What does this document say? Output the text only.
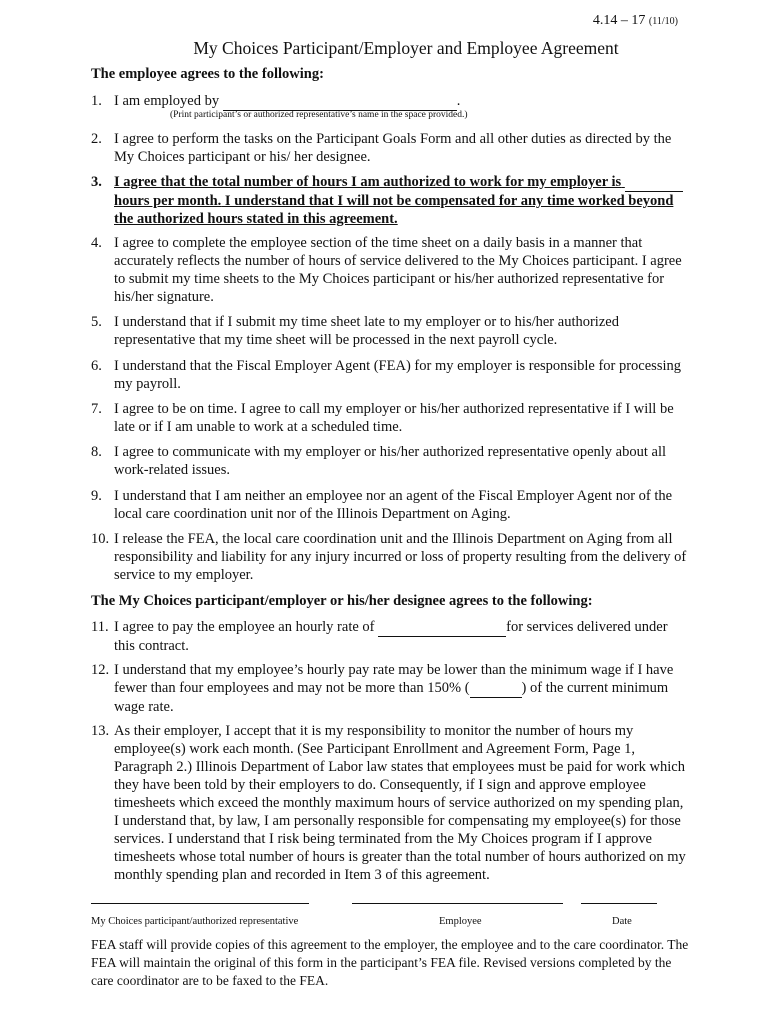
4.14 – 17 (11/10)
My Choices Participant/Employer and Employee Agreement
The employee agrees to the following:
1. I am employed by	.
(Print participant’s or authorized representative’s name in the space provided.)
2. I agree to perform the tasks on the Participant Goals Form and all other duties as directed by the My Choices participant or his/ her designee.
3. I agree that the total number of hours I am authorized to work for my employer is   hours per month. I understand that I will not be compensated for any time worked beyond the authorized hours stated in this agreement.
4. I agree to complete the employee section of the time sheet on a daily basis in a manner that accurately reflects the number of hours of service delivered to the My Choices participant. I agree to submit my time sheets to the My Choices participant or his/her authorized representative for his/her signature.
5. I understand that if I submit my time sheet late to my employer or to his/her authorized representative that my time sheet will be processed in the next payroll cycle.
6. I understand that the Fiscal Employer Agent (FEA) for my employer is responsible for processing my payroll.
7. I agree to be on time. I agree to call my employer or his/her authorized representative if I will be late or if I am unable to work at a scheduled time.
8. I agree to communicate with my employer or his/her authorized representative openly about all work-related issues.
9. I understand that I am neither an employee nor an agent of the Fiscal Employer Agent nor of the local care coordination unit nor of the Illinois Department on Aging.
10. I release the FEA, the local care coordination unit and the Illinois Department on Aging from all responsibility and liability for any injury incurred or loss of property resulting from the delivery of service to my employer.
The My Choices participant/employer or his/her designee agrees to the following:
11. I agree to pay the employee an hourly rate of	for services delivered under this contract.
12. I understand that my employee’s hourly pay rate may be lower than the minimum wage if I have fewer than four employees and may not be more than 150% (	) of the current minimum wage rate.
13. As their employer, I accept that it is my responsibility to monitor the number of hours my employee(s) work each month. (See Participant Enrollment and Agreement Form, Page 1, Paragraph 2.) Illinois Department of Labor law states that employees must be paid for work which they have been told by their employers to do. Consequently, if I sign and approve employee timesheets which exceed the monthly maximum hours of service authorized on my spending plan, I understand that, by law, I am personally responsible for compensating my employee(s) for those services. I understand that I risk being terminated from the My Choices program if I approve timesheets whose total number of hours is greater than the total number of hours authorized on my monthly spending plan and recorded in Item 3 of this agreement.
My Choices participant/authorized representative	Employee	Date
FEA staff will provide copies of this agreement to the employer, the employee and to the care coordinator. The FEA will maintain the original of this form in the participant’s FEA file. Revised versions completed by the care coordinator are to be faxed to the FEA.
